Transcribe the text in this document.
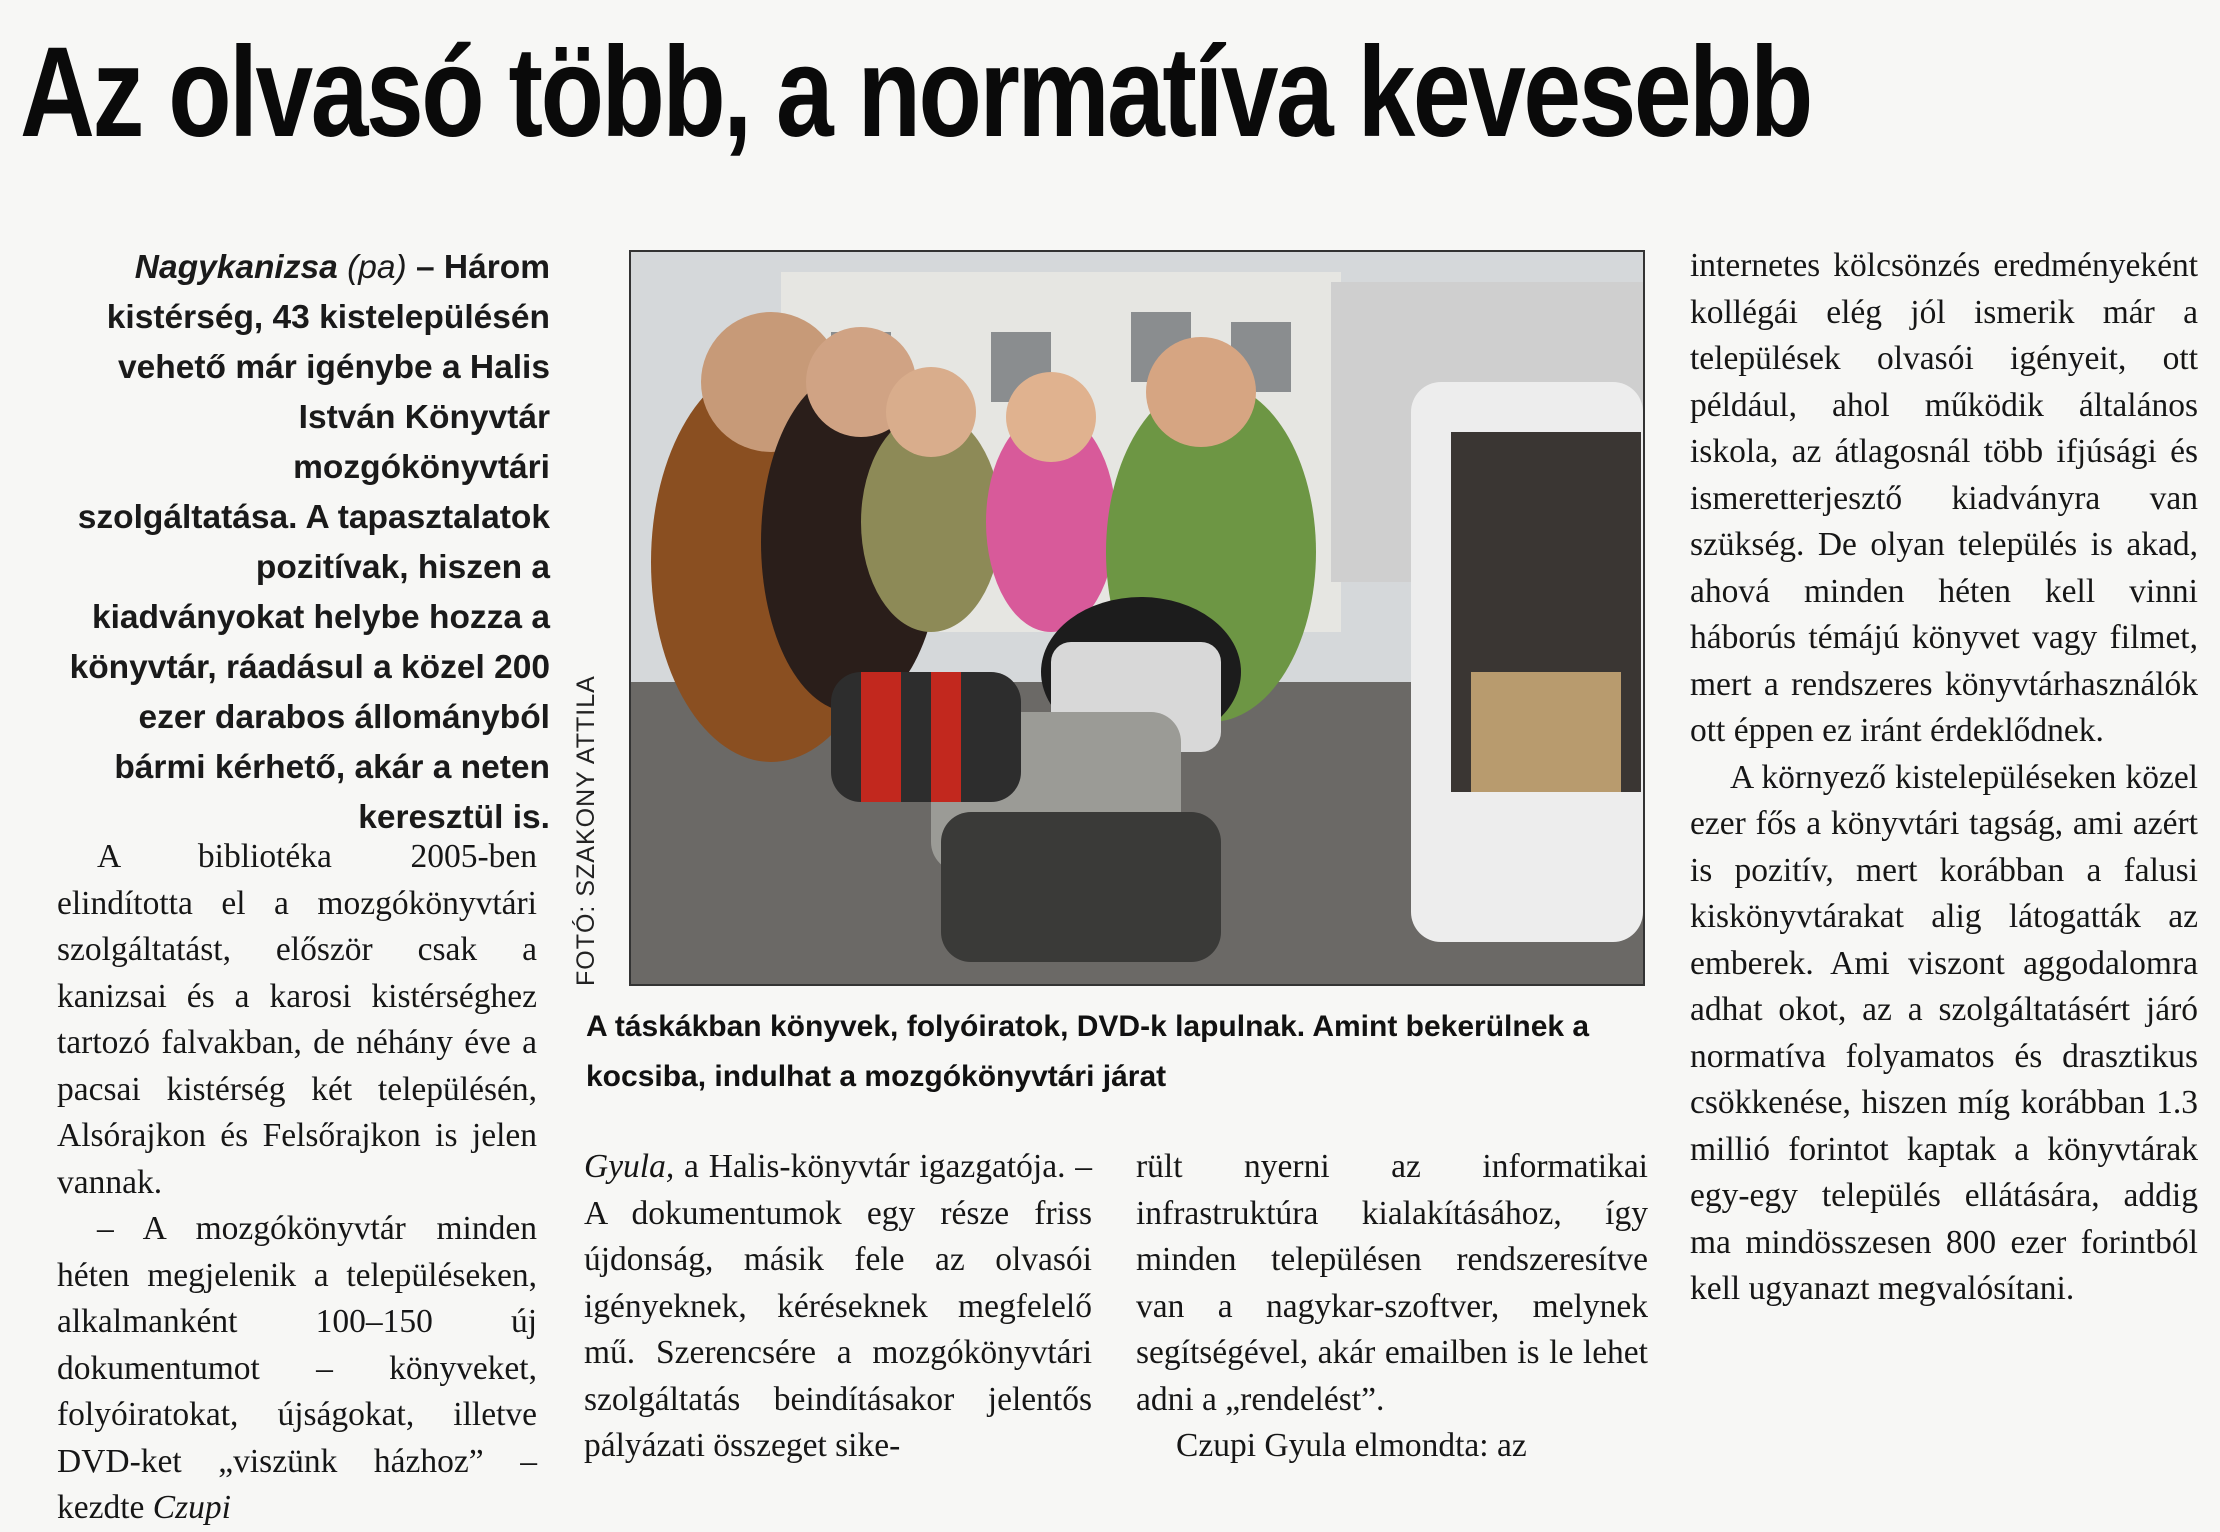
Az olvasó több, a normatíva kevesebb

Nagykanizsa (pa) – Három kistérség, 43 kistelepülésén vehető már igénybe a Halis István Könyvtár mozgókönyvtári szolgáltatása. A tapasztalatok pozitívak, hiszen a kiadványokat helybe hozza a könyvtár, ráadásul a közel 200 ezer darabos állományból bármi kérhető, akár a neten keresztül is.

A bibliotéka 2005-ben elindította el a mozgókönyvtári szolgáltatást, először csak a kanizsai és a karosi kistérséghez tartozó falvakban, de néhány éve a pacsai kistérség két településén, Alsórajkon és Felsőrajkon is jelen vannak.

– A mozgókönyvtár minden héten megjelenik a településeken, alkalmanként 100–150 új dokumentumot – könyveket, folyóiratokat, újságokat, illetve DVD-ket „viszünk házhoz” – kezdte Czupi

Gyula, a Halis-könyvtár igazgatója. – A dokumentumok egy része friss újdonság, másik fele az olvasói igényeknek, kéréseknek megfelelő mű. Szerencsére a mozgókönyvtári szolgáltatás beindításakor jelentős pályázati összeget sike-

rült nyerni az informatikai infrastruktúra kialakításához, így minden településen rendszeresítve van a nagykar-szoftver, melynek segítségével, akár emailben is le lehet adni a „rendelést”.

Czupi Gyula elmondta: az

internetes kölcsönzés eredményeként kollégái elég jól ismerik már a települések olvasói igényeit, ott például, ahol működik általános iskola, az átlagosnál több ifjúsági és ismeretterjesztő kiadványra van szükség. De olyan település is akad, ahová minden héten kell vinni háborús témájú könyvet vagy filmet, mert a rendszeres könyvtárhasználók ott éppen ez iránt érdeklődnek.

A környező kistelepüléseken közel ezer fős a könyvtári tagság, ami azért is pozitív, mert korábban a falusi kiskönyvtárakat alig látogatták az emberek. Ami viszont aggodalomra adhat okot, az a szolgáltatásért járó normatíva folyamatos és drasztikus csökkenése, hiszen míg korábban 1.3 millió forintot kaptak a könyvtárak egy-egy település ellátására, addig ma mindösszesen 800 ezer forintból kell ugyanazt megvalósítani.

FOTÓ: SZAKONY ATTILA

A táskákban könyvek, folyóiratok, DVD-k lapulnak. Amint bekerülnek a kocsiba, indulhat a mozgókönyvtári járat
